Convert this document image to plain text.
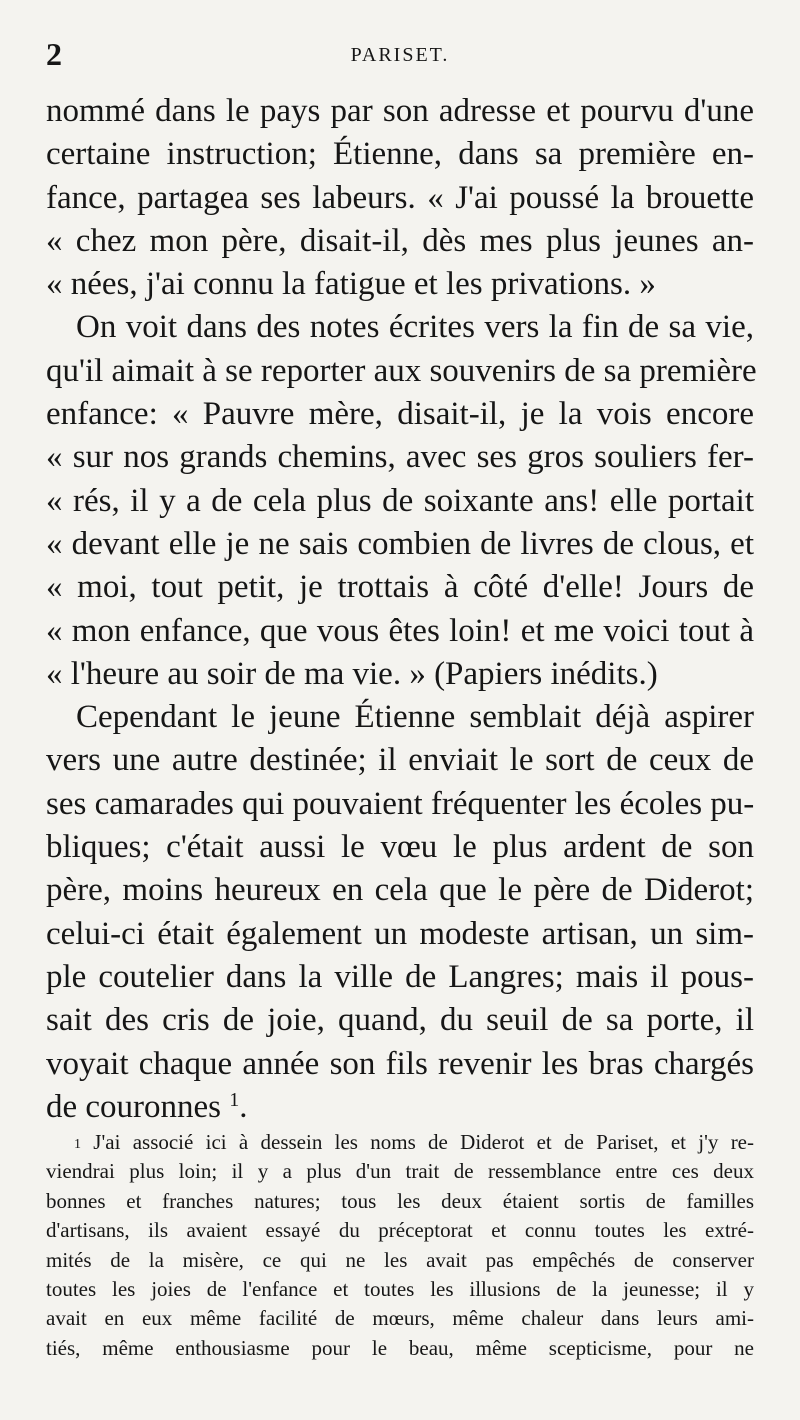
2	PARISET.
nommé dans le pays par son adresse et pourvu d'une
certaine instruction; Étienne, dans sa première en-
fance, partagea ses labeurs. « J'ai poussé la brouette
« chez mon père, disait-il, dès mes plus jeunes an-
« nées, j'ai connu la fatigue et les privations. »
On voit dans des notes écrites vers la fin de sa vie,
qu'il aimait à se reporter aux souvenirs de sa première
enfance: « Pauvre mère, disait-il, je la vois encore
« sur nos grands chemins, avec ses gros souliers fer-
« rés, il y a de cela plus de soixante ans! elle portait
« devant elle je ne sais combien de livres de clous, et
« moi, tout petit, je trottais à côté d'elle! Jours de
« mon enfance, que vous êtes loin! et me voici tout à
« l'heure au soir de ma vie. » (Papiers inédits.)
Cependant le jeune Étienne semblait déjà aspirer
vers une autre destinée; il enviait le sort de ceux de
ses camarades qui pouvaient fréquenter les écoles pu-
bliques; c'était aussi le vœu le plus ardent de son
père, moins heureux en cela que le père de Diderot;
celui-ci était également un modeste artisan, un sim-
ple coutelier dans la ville de Langres; mais il pous-
sait des cris de joie, quand, du seuil de sa porte, il
voyait chaque année son fils revenir les bras chargés
de couronnes $^1$.
$^1$ J'ai associé ici à dessein les noms de Diderot et de Pariset, et j'y re-
viendrai plus loin; il y a plus d'un trait de ressemblance entre ces deux
bonnes et franches natures; tous les deux étaient sortis de familles
d'artisans, ils avaient essayé du préceptorat et connu toutes les extré-
mités de la misère, ce qui ne les avait pas empêchés de conserver
toutes les joies de l'enfance et toutes les illusions de la jeunesse; il y
avait en eux même facilité de mœurs, même chaleur dans leurs ami-
tiés, même enthousiasme pour le beau, même scepticisme, pour ne
